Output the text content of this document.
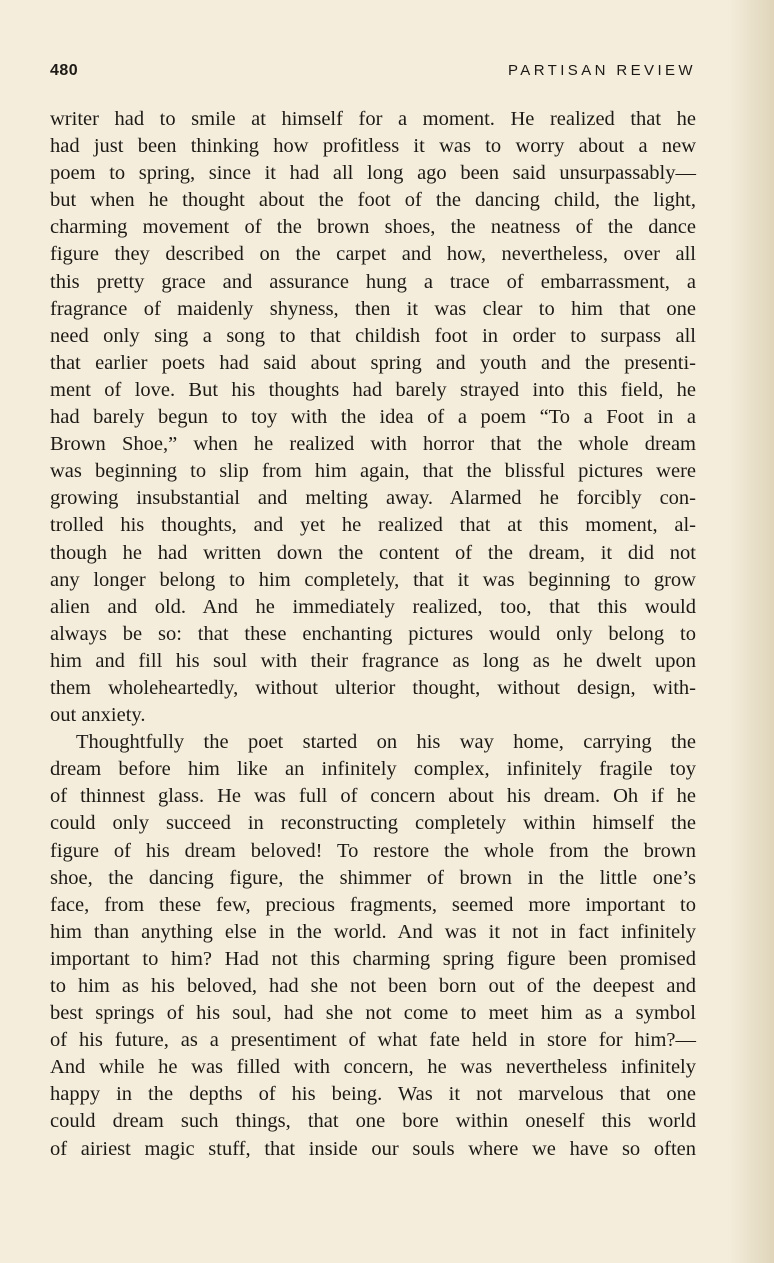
480	PARTISAN REVIEW
writer had to smile at himself for a moment. He realized that he
had just been thinking how profitless it was to worry about a new
poem to spring, since it had all long ago been said unsurpassably—
but when he thought about the foot of the dancing child, the light,
charming movement of the brown shoes, the neatness of the dance
figure they described on the carpet and how, nevertheless, over all
this pretty grace and assurance hung a trace of embarrassment, a
fragrance of maidenly shyness, then it was clear to him that one
need only sing a song to that childish foot in order to surpass all
that earlier poets had said about spring and youth and the presenti-
ment of love. But his thoughts had barely strayed into this field, he
had barely begun to toy with the idea of a poem “To a Foot in a
Brown Shoe,” when he realized with horror that the whole dream
was beginning to slip from him again, that the blissful pictures were
growing insubstantial and melting away. Alarmed he forcibly con-
trolled his thoughts, and yet he realized that at this moment, al-
though he had written down the content of the dream, it did not
any longer belong to him completely, that it was beginning to grow
alien and old. And he immediately realized, too, that this would
always be so: that these enchanting pictures would only belong to
him and fill his soul with their fragrance as long as he dwelt upon
them wholeheartedly, without ulterior thought, without design, with-
out anxiety.
Thoughtfully the poet started on his way home, carrying the
dream before him like an infinitely complex, infinitely fragile toy
of thinnest glass. He was full of concern about his dream. Oh if he
could only succeed in reconstructing completely within himself the
figure of his dream beloved! To restore the whole from the brown
shoe, the dancing figure, the shimmer of brown in the little one’s
face, from these few, precious fragments, seemed more important to
him than anything else in the world. And was it not in fact infinitely
important to him? Had not this charming spring figure been promised
to him as his beloved, had she not been born out of the deepest and
best springs of his soul, had she not come to meet him as a symbol
of his future, as a presentiment of what fate held in store for him?—
And while he was filled with concern, he was nevertheless infinitely
happy in the depths of his being. Was it not marvelous that one
could dream such things, that one bore within oneself this world
of airiest magic stuff, that inside our souls where we have so often
